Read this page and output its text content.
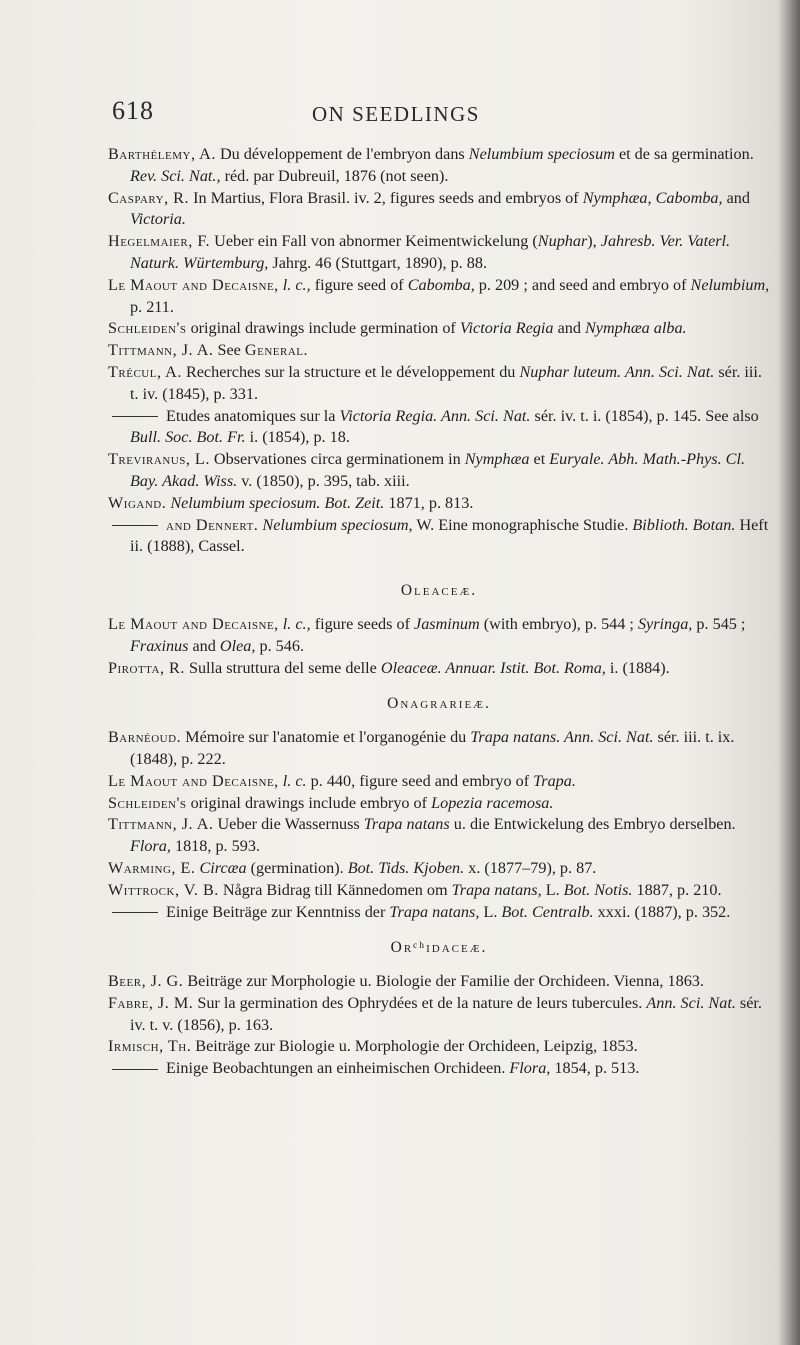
618	ON SEEDLINGS

Barthélemy, A. Du développement de l'embryon dans Nelumbium speciosum et de sa germination. Rev. Sci. Nat., réd. par Dubreuil, 1876 (not seen).

Caspary, R. In Martius, Flora Brasil. iv. 2, figures seeds and embryos of Nymphæa, Cabomba, and Victoria.

Hegelmaier, F. Ueber ein Fall von abnormer Keimentwickelung (Nuphar), Jahresb. Ver. Vaterl. Naturk. Würtemburg, Jahrg. 46 (Stuttgart, 1890), p. 88.

Le Maout and Decaisne, l. c., figure seed of Cabomba, p. 209 ; and seed and embryo of Nelumbium, p. 211.

Schleiden's original drawings include germination of Victoria Regia and Nymphæa alba.

Tittmann, J. A. See General.

Trécul, A. Recherches sur la structure et le développement du Nuphar luteum. Ann. Sci. Nat. sér. iii. t. iv. (1845), p. 331.

Etudes anatomiques sur la Victoria Regia. Ann. Sci. Nat. sér. iv. t. i. (1854), p. 145. See also Bull. Soc. Bot. Fr. i. (1854), p. 18.

Treviranus, L. Observationes circa germinationem in Nymphæa et Euryale. Abh. Math.-Phys. Cl. Bay. Akad. Wiss. v. (1850), p. 395, tab. xiii.

Wigand. Nelumbium speciosum. Bot. Zeit. 1871, p. 813.

and Dennert. Nelumbium speciosum, W. Eine monographische Studie. Biblioth. Botan. Heft ii. (1888), Cassel.

Oleaceæ.

Le Maout and Decaisne, l. c., figure seeds of Jasminum (with embryo), p. 544 ; Syringa, p. 545 ; Fraxinus and Olea, p. 546.

Pirotta, R. Sulla struttura del seme delle Oleaceæ. Annuar. Istit. Bot. Roma, i. (1884).

Onagrarieæ.

Barnéoud. Mémoire sur l'anatomie et l'organogénie du Trapa natans. Ann. Sci. Nat. sér. iii. t. ix. (1848), p. 222.

Le Maout and Decaisne, l. c. p. 440, figure seed and embryo of Trapa.

Schleiden's original drawings include embryo of Lopezia racemosa.

Tittmann, J. A. Ueber die Wassernuss Trapa natans u. die Entwickelung des Embryo derselben. Flora, 1818, p. 593.

Warming, E. Circæa (germination). Bot. Tids. Kjoben. x. (1877–79), p. 87.

Wittrock, V. B. Några Bidrag till Kännedomen om Trapa natans, L. Bot. Notis. 1887, p. 210.

Einige Beiträge zur Kenntniss der Trapa natans, L. Bot. Centralb. xxxi. (1887), p. 352.

Orᶜʰidaceæ.

Beer, J. G. Beiträge zur Morphologie u. Biologie der Familie der Orchideen. Vienna, 1863.

Fabre, J. M. Sur la germination des Ophrydées et de la nature de leurs tubercules. Ann. Sci. Nat. sér. iv. t. v. (1856), p. 163.

Irmisch, Th. Beiträge zur Biologie u. Morphologie der Orchideen, Leipzig, 1853.

Einige Beobachtungen an einheimischen Orchideen. Flora, 1854, p. 513.
